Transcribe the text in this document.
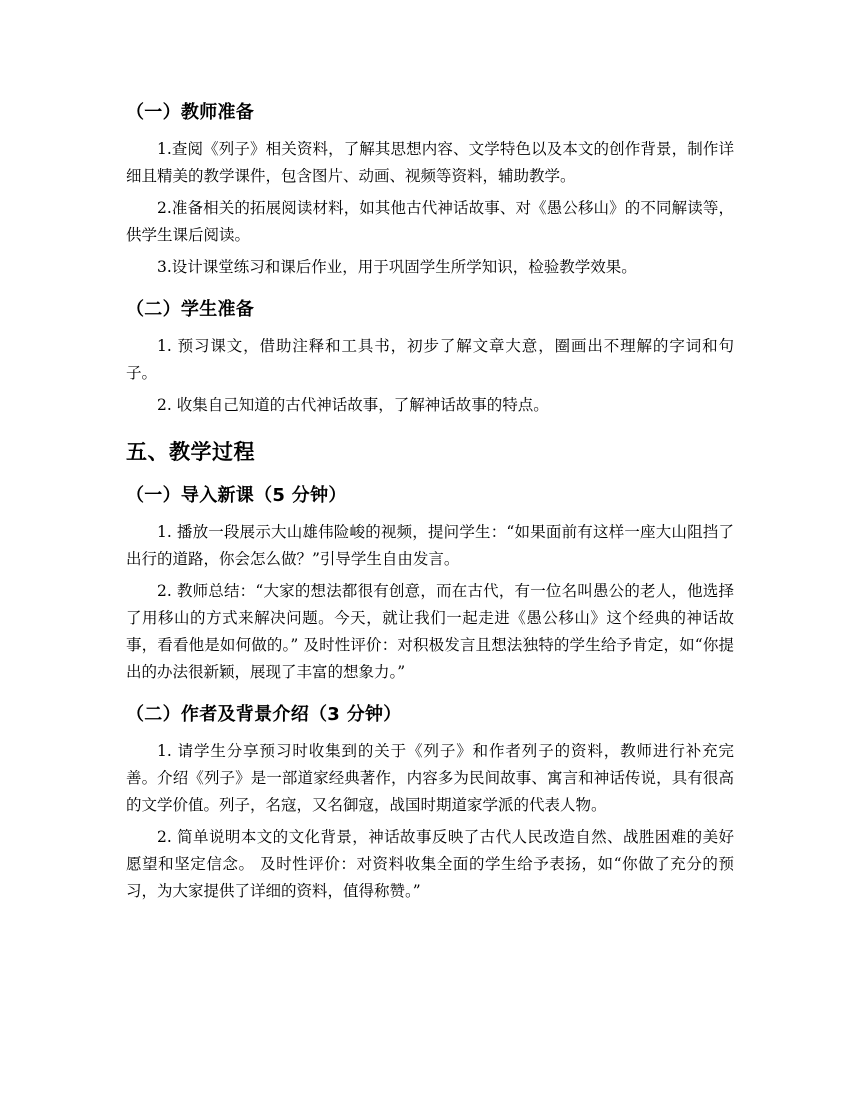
（一）教师准备

1.查阅《列子》相关资料，了解其思想内容、文学特色以及本文的创作背景，制作详细且精美的教学课件，包含图片、动画、视频等资料，辅助教学。

2.准备相关的拓展阅读材料，如其他古代神话故事、对《愚公移山》的不同解读等，供学生课后阅读。

3.设计课堂练习和课后作业，用于巩固学生所学知识，检验教学效果。

（二）学生准备

1. 预习课文，借助注释和工具书，初步了解文章大意，圈画出不理解的字词和句子。

2. 收集自己知道的古代神话故事，了解神话故事的特点。

五、教学过程
（一）导入新课（5 分钟）

1. 播放一段展示大山雄伟险峻的视频，提问学生：“如果面前有这样一座大山阻挡了出行的道路，你会怎么做？”引导学生自由发言。

2. 教师总结：“大家的想法都很有创意，而在古代，有一位名叫愚公的老人，他选择了用移山的方式来解决问题。今天，就让我们一起走进《愚公移山》这个经典的神话故事，看看他是如何做的。” 及时性评价：对积极发言且想法独特的学生给予肯定，如“你提出的办法很新颖，展现了丰富的想象力。”

（二）作者及背景介绍（3 分钟）

1. 请学生分享预习时收集到的关于《列子》和作者列子的资料，教师进行补充完善。介绍《列子》是一部道家经典著作，内容多为民间故事、寓言和神话传说，具有很高的文学价值。列子，名寇，又名御寇，战国时期道家学派的代表人物。

2. 简单说明本文的文化背景，神话故事反映了古代人民改造自然、战胜困难的美好愿望和坚定信念。 及时性评价：对资料收集全面的学生给予表扬，如“你做了充分的预习，为大家提供了详细的资料，值得称赞。”
